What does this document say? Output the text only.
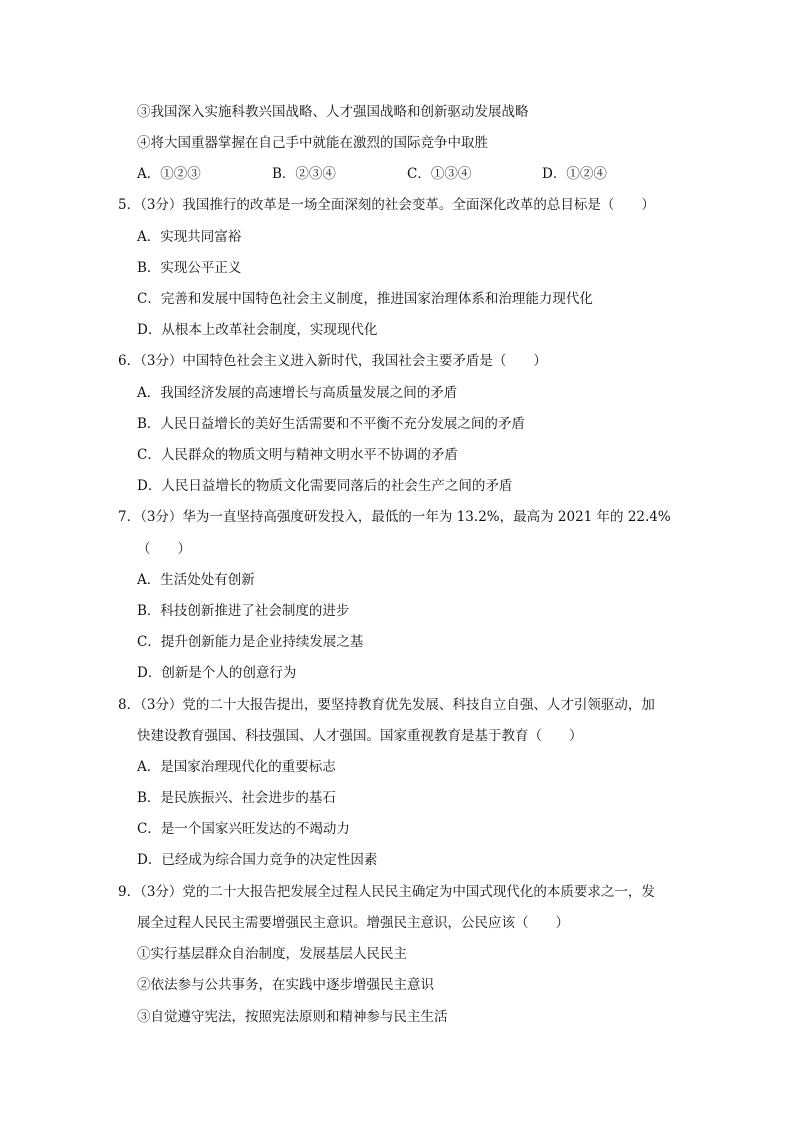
③我国深入实施科教兴国战略、人才强国战略和创新驱动发展战略
④将大国重器掌握在自己手中就能在激烈的国际竞争中取胜
A．①②③	B．②③④	C．①③④	D．①②④
5．（3分）我国推行的改革是一场全面深刻的社会变革。全面深化改革的总目标是（　　）
A．实现共同富裕
B．实现公平正义
C．完善和发展中国特色社会主义制度，推进国家治理体系和治理能力现代化
D．从根本上改革社会制度，实现现代化
6．（3分）中国特色社会主义进入新时代，我国社会主要矛盾是（　　）
A．我国经济发展的高速增长与高质量发展之间的矛盾
B．人民日益增长的美好生活需要和不平衡不充分发展之间的矛盾
C．人民群众的物质文明与精神文明水平不协调的矛盾
D．人民日益增长的物质文化需要同落后的社会生产之间的矛盾
7．（3分）华为一直坚持高强度研发投入，最低的一年为 13.2%，最高为 2021 年的 22.4%
（　　）
A．生活处处有创新
B．科技创新推进了社会制度的进步
C．提升创新能力是企业持续发展之基
D．创新是个人的创意行为
8．（3分）党的二十大报告提出，要坚持教育优先发展、科技自立自强、人才引领驱动，加
快建设教育强国、科技强国、人才强国。国家重视教育是基于教育（　　）
A．是国家治理现代化的重要标志
B．是民族振兴、社会进步的基石
C．是一个国家兴旺发达的不竭动力
D．已经成为综合国力竞争的决定性因素
9．（3分）党的二十大报告把发展全过程人民民主确定为中国式现代化的本质要求之一，发
展全过程人民民主需要增强民主意识。增强民主意识，公民应该（　　）
①实行基层群众自治制度，发展基层人民民主
②依法参与公共事务，在实践中逐步增强民主意识
③自觉遵守宪法，按照宪法原则和精神参与民主生活
